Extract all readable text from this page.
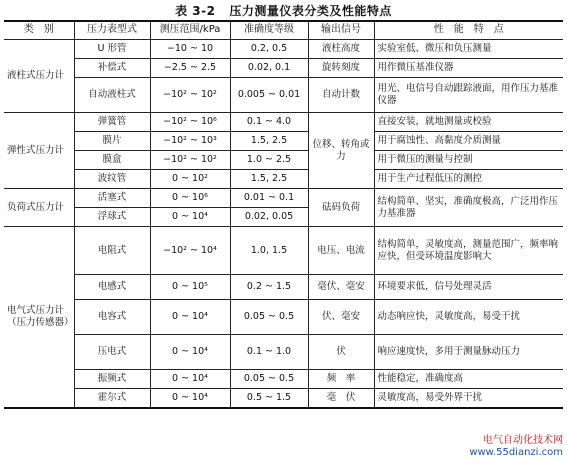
表 3-2 压力测量仪表分类及性能特点
类　别	压力表型式	测压范围/kPa	准确度等级	输出信号	性　能　特　点
液柱式压力计	U 形管	−10 ~ 10	0.2, 0.5	液柱高度	实验室低、微压和负压测量
	补偿式	−2.5 ~ 2.5	0.02, 0.1	旋转刻度	用作微压基准仪器
	自动液柱式	−10² ~ 10²	0.005 ~ 0.01	自动计数	用光、电信号自动跟踪液面，用作压力基准仪器
弹性式压力计	弹簧管	−10² ~ 10⁶	0.1 ~ 4.0	位移、转角或力	直接安装，就地测量或校验
	膜片	−10² ~ 10³	1.5, 2.5		用于腐蚀性、高黏度介质测量
	膜盒	−10² ~ 10²	1.0 ~ 2.5		用于微压的测量与控制
	波纹管	0 ~ 10²	1.5, 2.5		用于生产过程低压的测控
负荷式压力计	活塞式	0 ~ 10⁶	0.01 ~ 0.1	砝码负荷	结构简单、坚实，准确度极高，广泛用作压力基准器
	浮球式	0 ~ 10⁴	0.02, 0.05		
电气式压力计
（压力传感器）	电阻式	−10² ~ 10⁴	1.0, 1.5	电压、电流	结构简单，灵敏度高，测量范围广，频率响应快，但受环境温度影响大
	电感式	0 ~ 10⁵	0.2 ~ 1.5	毫伏、毫安	环境要求低，信号处理灵活
	电容式	0 ~ 10⁴	0.05 ~ 0.5	伏、毫安	动态响应快，灵敏度高，易受干扰
	压电式	0 ~ 10⁴	0.1 ~ 1.0	伏	响应速度快，多用于测量脉动压力
	振频式	0 ~ 10⁴	0.05 ~ 0.5	频　率	性能稳定，准确度高
	霍尔式	0 ~ 10⁴	0.5 ~ 1.5	毫　伏	灵敏度高，易受外界干扰
电气自动化技术网
www.55dianzi.com
